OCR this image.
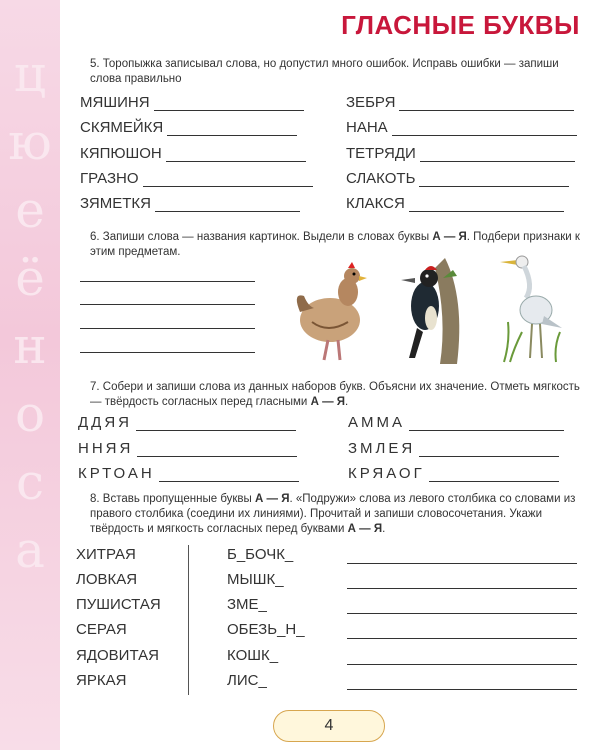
ц
ю
е
ё
н
о
с
а
ГЛАСНЫЕ БУКВЫ
5. Торопыжка записывал слова, но допустил много ошибок. Исправь ошибки — запиши слова правильно
МЯШИНЯ
СКЯМЕЙКЯ
КЯПЮШОН
ГРАЗНО
ЗЯМЕТКЯ
ЗЕБРЯ
НАНА
ТЕТРЯДИ
СЛАКОТЬ
КЛАКСЯ
6. Запиши слова — названия картинок. Выдели в словах буквы А — Я. Подбери признаки к этим предметам.
7. Собери и запиши слова из данных наборов букв. Объясни их значение. Отметь мягкость — твёрдость согласных перед гласными А — Я.
ДДЯЯ
ННЯЯ
КРТОАН
АММА
ЗМЛЕЯ
КРЯАОГ
8. Вставь пропущенные буквы А — Я. «Подружи» слова из левого столбика со словами из правого столбика (соедини их линиями). Прочитай и запиши словосочетания. Укажи твёрдость и мягкость согласных перед буквами А — Я.
ХИТРАЯ
ЛОВКАЯ
ПУШИСТАЯ
СЕРАЯ
ЯДОВИТАЯ
ЯРКАЯ
Б_БОЧК_
МЫШК_
ЗМЕ_
ОБЕЗЬ_Н_
КОШК_
ЛИС_
4
